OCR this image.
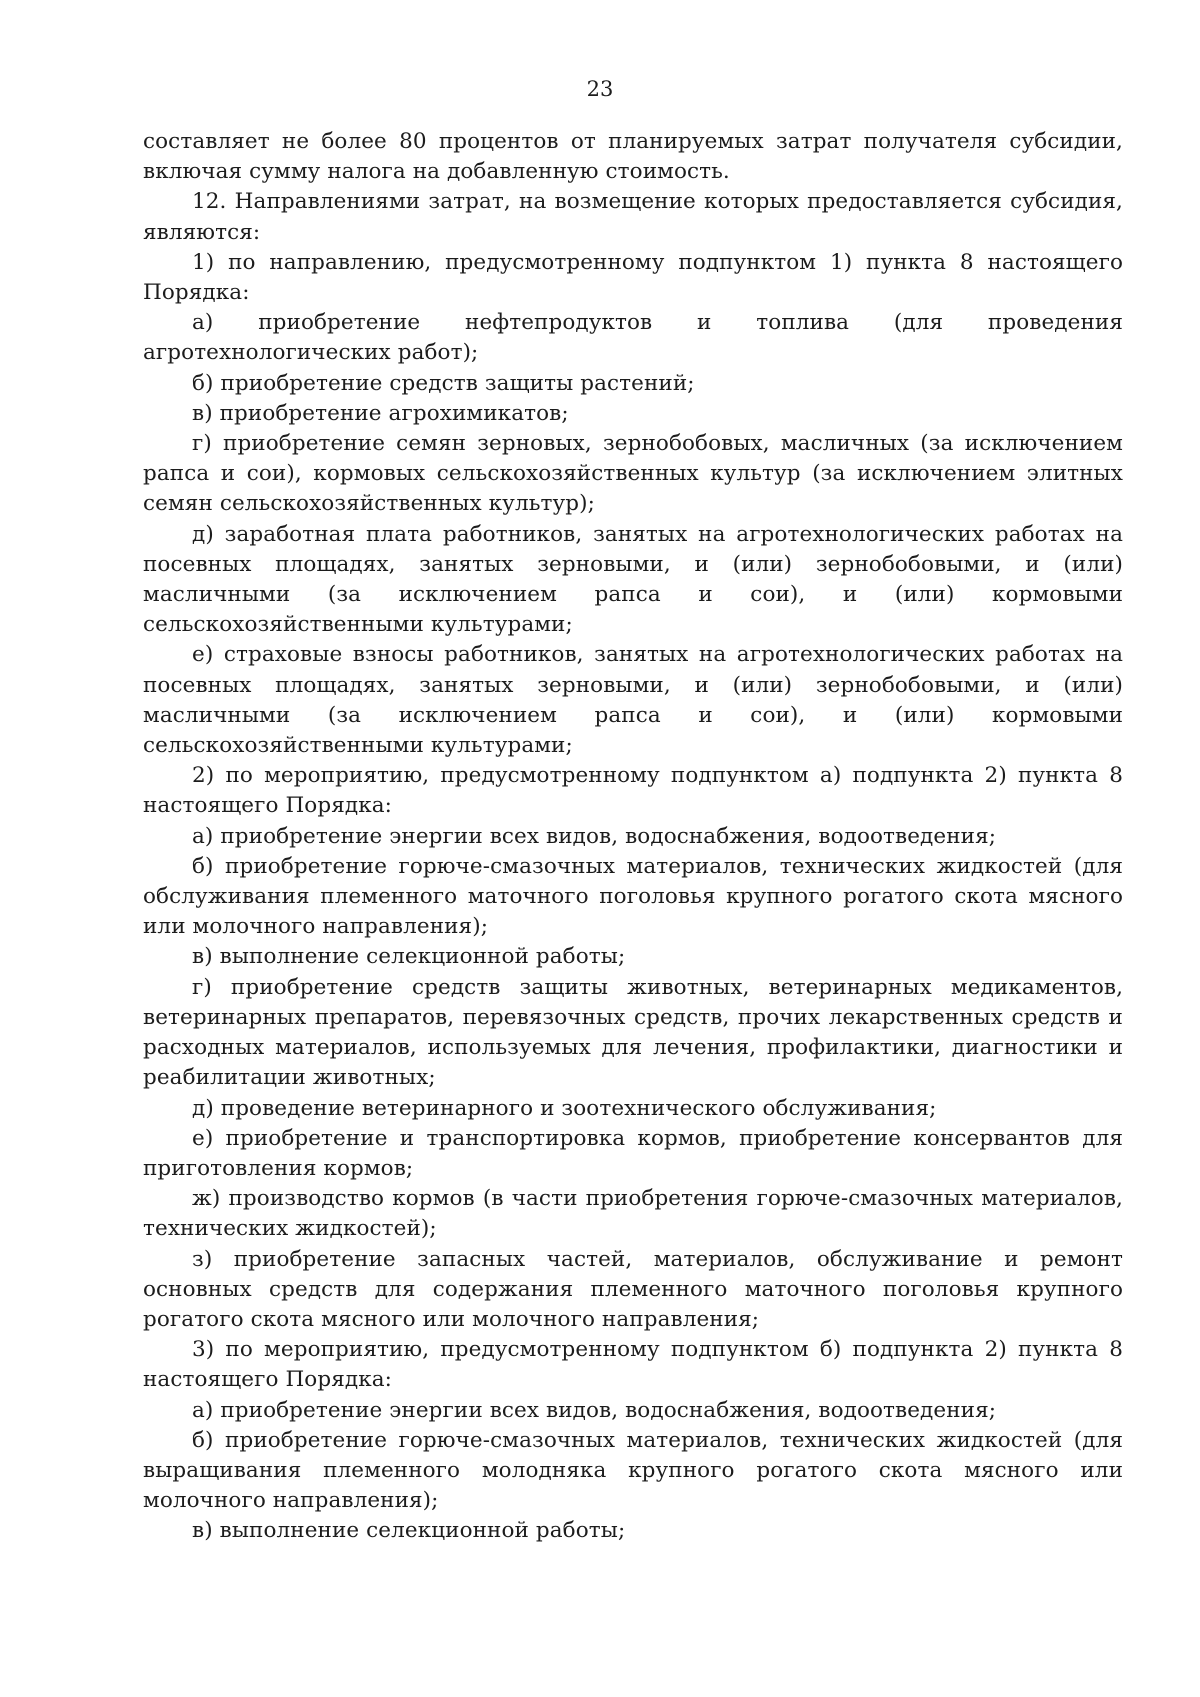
23

составляет не более 80 процентов от планируемых затрат получателя субсидии, включая сумму налога на добавленную стоимость.

12. Направлениями затрат, на возмещение которых предоставляется субсидия, являются:

1) по направлению, предусмотренному подпунктом 1) пункта 8 настоящего Порядка:

а) приобретение нефтепродуктов и топлива (для проведения агротехнологических работ);

б) приобретение средств защиты растений;

в) приобретение агрохимикатов;

г) приобретение семян зерновых, зернобобовых, масличных (за исключением рапса и сои), кормовых сельскохозяйственных культур (за исключением элитных семян сельскохозяйственных культур);

д) заработная плата работников, занятых на агротехнологических работах на посевных площадях, занятых зерновыми, и (или) зернобобовыми, и (или) масличными (за исключением рапса и сои), и (или) кормовыми сельскохозяйственными культурами;

е) страховые взносы работников, занятых на агротехнологических работах на посевных площадях, занятых зерновыми, и (или) зернобобовыми, и (или) масличными (за исключением рапса и сои), и (или) кормовыми сельскохозяйственными культурами;

2) по мероприятию, предусмотренному подпунктом а) подпункта 2) пункта 8 настоящего Порядка:

а) приобретение энергии всех видов, водоснабжения, водоотведения;

б) приобретение горюче-смазочных материалов, технических жидкостей (для обслуживания племенного маточного поголовья крупного рогатого скота мясного или молочного направления);

в) выполнение селекционной работы;

г) приобретение средств защиты животных, ветеринарных медикаментов, ветеринарных препаратов, перевязочных средств, прочих лекарственных средств и расходных материалов, используемых для лечения, профилактики, диагностики и реабилитации животных;

д) проведение ветеринарного и зоотехнического обслуживания;

е) приобретение и транспортировка кормов, приобретение консервантов для приготовления кормов;

ж) производство кормов (в части приобретения горюче-смазочных материалов, технических жидкостей);

з) приобретение запасных частей, материалов, обслуживание и ремонт основных средств для содержания племенного маточного поголовья крупного рогатого скота мясного или молочного направления;

3) по мероприятию, предусмотренному подпунктом б) подпункта 2) пункта 8 настоящего Порядка:

а) приобретение энергии всех видов, водоснабжения, водоотведения;

б) приобретение горюче-смазочных материалов, технических жидкостей (для выращивания племенного молодняка крупного рогатого скота мясного или молочного направления);

в) выполнение селекционной работы;
